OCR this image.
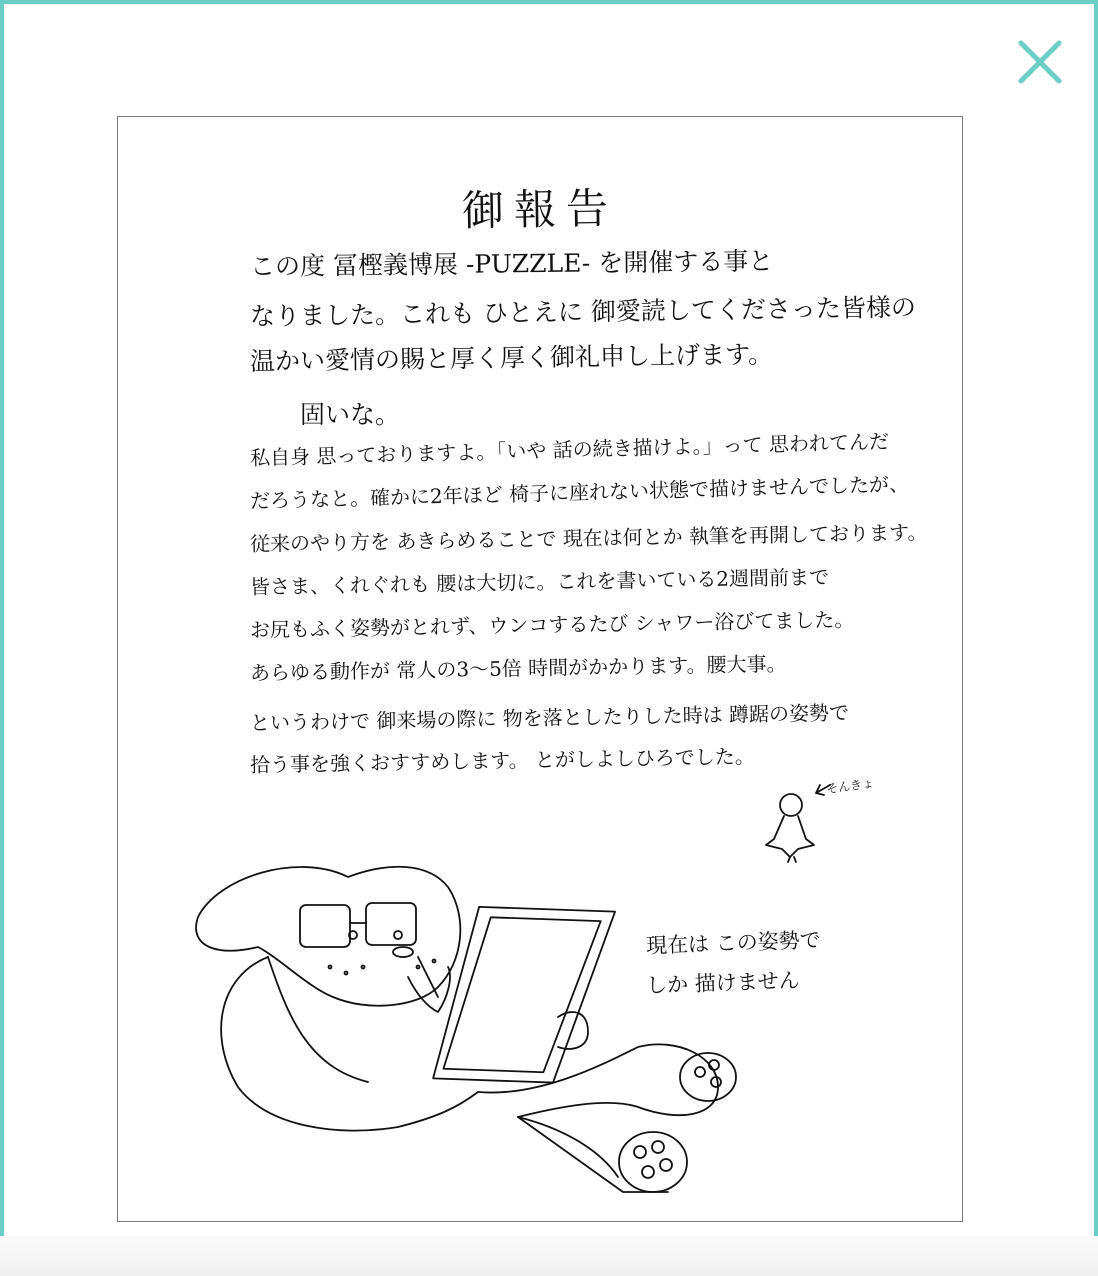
御報告
この度 冨樫義博展 -PUZZLE- を開催する事と
なりました。これも ひとえに 御愛読してくださった皆様の
温かい愛情の賜と厚く厚く御礼申し上げます。
固いな。
私自身 思っておりますよ。「いや 話の続き描けよ。」って 思われてんだ
だろうなと。確かに2年ほど 椅子に座れない状態で描けませんでしたが、
従来のやり方を あきらめることで 現在は何とか 執筆を再開しております。
皆さま、くれぐれも 腰は大切に。これを書いている2週間前まで
お尻もふく姿勢がとれず、ウンコするたび シャワー浴びてました。
あらゆる動作が 常人の3～5倍 時間がかかります。腰大事。
というわけで 御来場の際に 物を落としたりした時は 蹲踞の姿勢で
拾う事を強くおすすめします。 とがしよしひろでした。
そんきょ
現在は この姿勢で
しか 描けません
